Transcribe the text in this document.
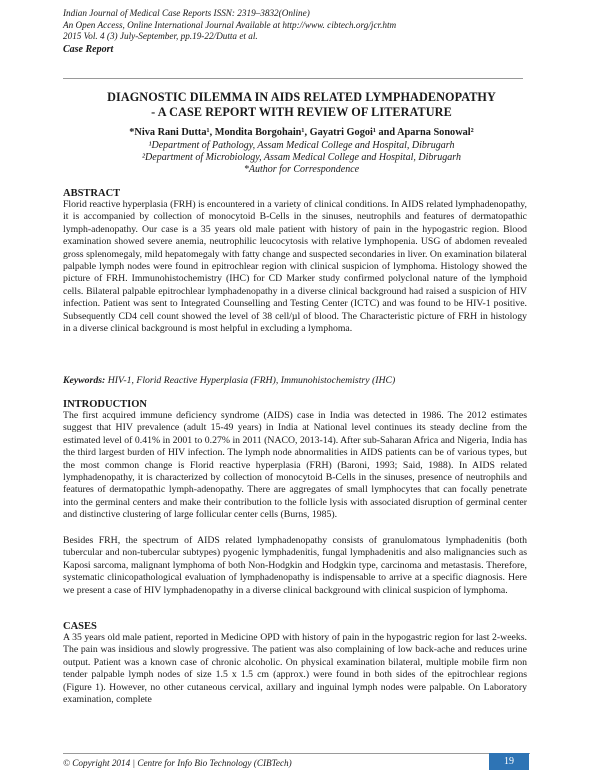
Indian Journal of Medical Case Reports ISSN: 2319–3832(Online)
An Open Access, Online International Journal Available at http://www. cibtech.org/jcr.htm
2015 Vol. 4 (3) July-September, pp.19-22/Dutta et al.
Case Report
DIAGNOSTIC DILEMMA IN AIDS RELATED LYMPHADENOPATHY
- A CASE REPORT WITH REVIEW OF LITERATURE
*Niva Rani Dutta¹, Mondita Borgohain¹, Gayatri Gogoi¹ and Aparna Sonowal²
¹Department of Pathology, Assam Medical College and Hospital, Dibrugarh
²Department of Microbiology, Assam Medical College and Hospital, Dibrugarh
*Author for Correspondence
ABSTRACT
Florid reactive hyperplasia (FRH) is encountered in a variety of clinical conditions. In AIDS related lymphadenopathy, it is accompanied by collection of monocytoid B-Cells in the sinuses, neutrophils and features of dermatopathic lymph-adenopathy. Our case is a 35 years old male patient with history of pain in the hypogastric region. Blood examination showed severe anemia, neutrophilic leucocytosis with relative lymphopenia. USG of abdomen revealed gross splenomegaly, mild hepatomegaly with fatty change and suspected secondaries in liver. On examination bilateral palpable lymph nodes were found in epitrochlear region with clinical suspicion of lymphoma. Histology showed the picture of FRH. Immunohistochemistry (IHC) for CD Marker study confirmed polyclonal nature of the lymphoid cells. Bilateral palpable epitrochlear lymphadenopathy in a diverse clinical background had raised a suspicion of HIV infection. Patient was sent to Integrated Counselling and Testing Center (ICTC) and was found to be HIV-1 positive. Subsequently CD4 cell count showed the level of 38 cell/µl of blood. The Characteristic picture of FRH in histology in a diverse clinical background is most helpful in excluding a lymphoma.
Keywords: HIV-1, Florid Reactive Hyperplasia (FRH), Immunohistochemistry (IHC)
INTRODUCTION
The first acquired immune deficiency syndrome (AIDS) case in India was detected in 1986. The 2012 estimates suggest that HIV prevalence (adult 15-49 years) in India at National level continues its steady decline from the estimated level of 0.41% in 2001 to 0.27% in 2011 (NACO, 2013-14). After sub-Saharan Africa and Nigeria, India has the third largest burden of HIV infection. The lymph node abnormalities in AIDS patients can be of various types, but the most common change is Florid reactive hyperplasia (FRH) (Baroni, 1993; Said, 1988). In AIDS related lymphadenopathy, it is characterized by collection of monocytoid B-Cells in the sinuses, presence of neutrophils and features of dermatopathic lymph-adenopathy. There are aggregates of small lymphocytes that can focally penetrate into the germinal centers and make their contribution to the follicle lysis with associated disruption of germinal center and distinctive clustering of large follicular center cells (Burns, 1985).
Besides FRH, the spectrum of AIDS related lymphadenopathy consists of granulomatous lymphadenitis (both tubercular and non-tubercular subtypes) pyogenic lymphadenitis, fungal lymphadenitis and also malignancies such as Kaposi sarcoma, malignant lymphoma of both Non-Hodgkin and Hodgkin type, carcinoma and metastasis. Therefore, systematic clinicopathological evaluation of lymphadenopathy is indispensable to arrive at a specific diagnosis. Here we present a case of HIV lymphadenopathy in a diverse clinical background with clinical suspicion of lymphoma.
CASES
A 35 years old male patient, reported in Medicine OPD with history of pain in the hypogastric region for last 2-weeks. The pain was insidious and slowly progressive. The patient was also complaining of low back-ache and reduces urine output. Patient was a known case of chronic alcoholic. On physical examination bilateral, multiple mobile firm non tender palpable lymph nodes of size 1.5 x 1.5 cm (approx.) were found in both sides of the epitrochlear regions (Figure 1). However, no other cutaneous cervical, axillary and inguinal lymph nodes were palpable. On Laboratory examination, complete
© Copyright 2014 | Centre for Info Bio Technology (CIBTech)	19
